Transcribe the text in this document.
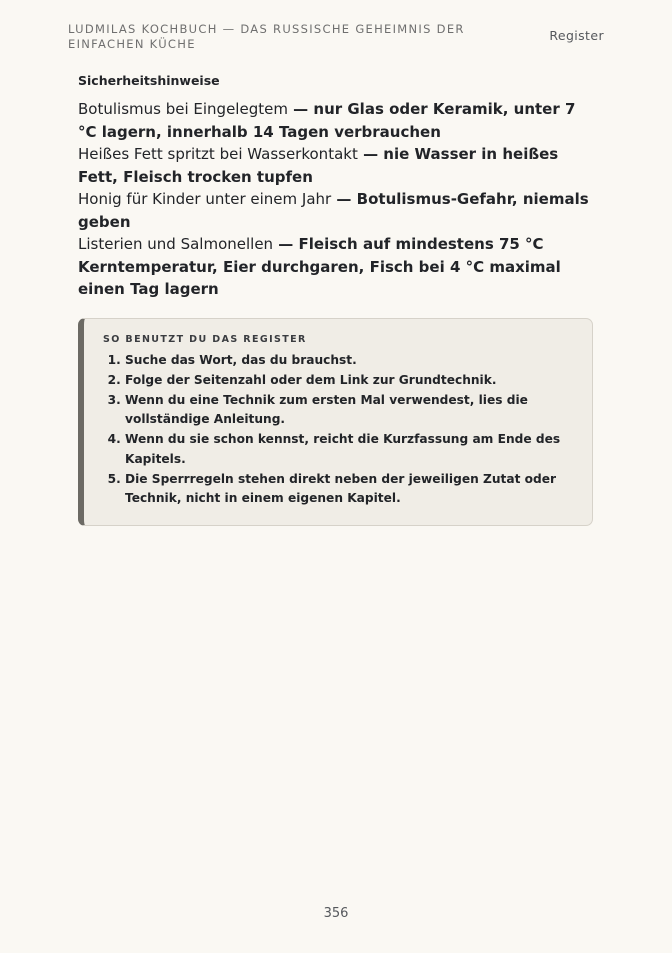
LUDMILAS KOCHBUCH — DAS RUSSISCHE GEHEIMNIS DER EINFACHEN KÜCHE
Register
Sicherheitshinweise
Botulismus bei Eingelegtem — nur Glas oder Keramik, unter 7 °C lagern, innerhalb 14 Tagen verbrauchen
Heißes Fett spritzt bei Wasserkontakt — nie Wasser in heißes Fett, Fleisch trocken tupfen
Honig für Kinder unter einem Jahr — Botulismus-Gefahr, niemals geben
Listerien und Salmonellen — Fleisch auf mindestens 75 °C Kerntemperatur, Eier durchgaren, Fisch bei 4 °C maximal einen Tag lagern
SO BENUTZT DU DAS REGISTER
1. Suche das Wort, das du brauchst.
2. Folge der Seitenzahl oder dem Link zur Grundtechnik.
3. Wenn du eine Technik zum ersten Mal verwendest, lies die vollständige Anleitung.
4. Wenn du sie schon kennst, reicht die Kurzfassung am Ende des Kapitels.
5. Die Sperrregeln stehen direkt neben der jeweiligen Zutat oder Technik, nicht in einem eigenen Kapitel.
356
